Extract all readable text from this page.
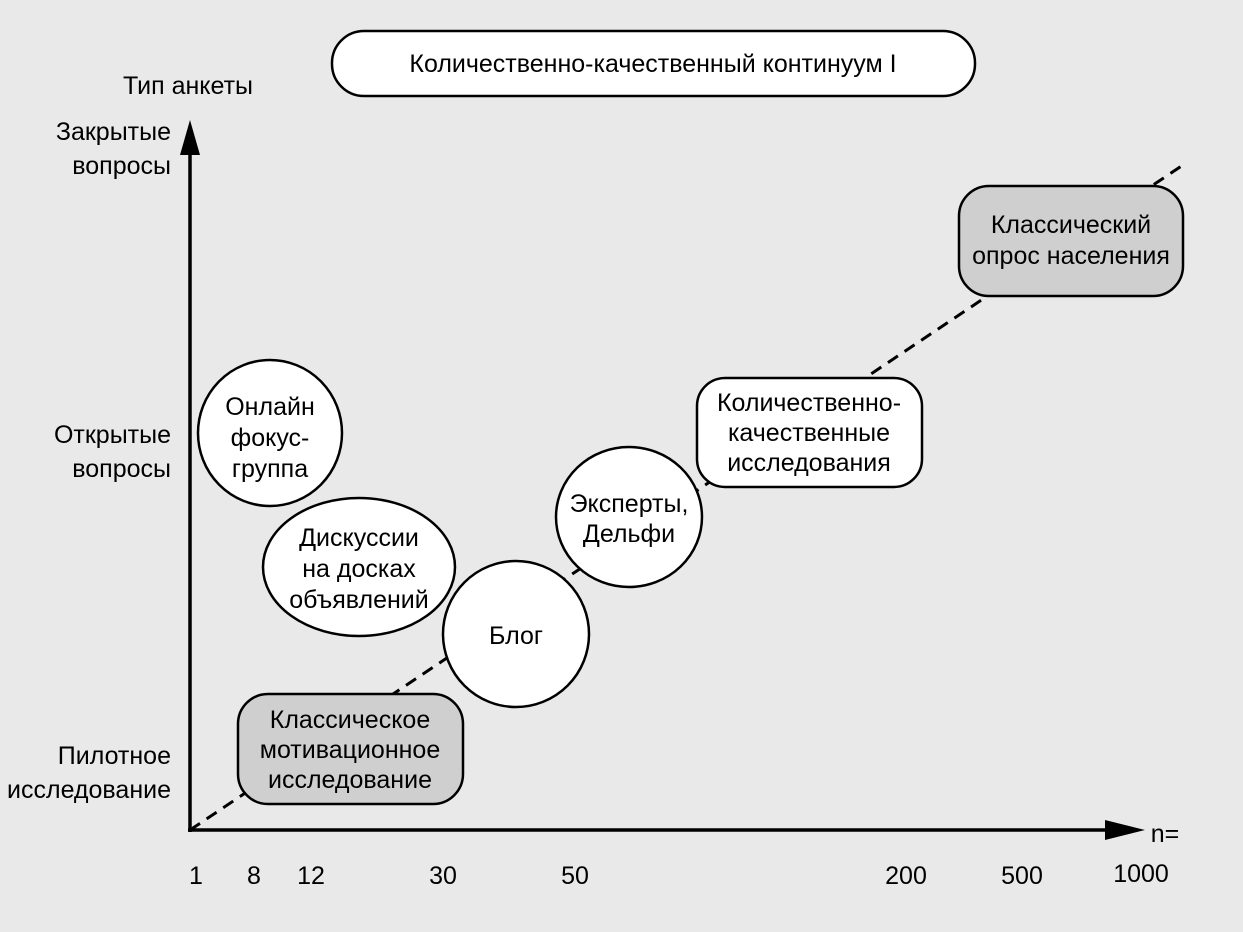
Количественно-качественный континуум I
Тип анкеты
n=
Закрытые
вопросы
Открытые
вопросы
Пилотное
исследование
1 8 12	30	50	200	500	1000
Онлайн
фокус-
группа
Дискуссии
на досках
объявлений
Блог
Эксперты,
Дельфи
Количественно-
качественные
исследования
Классический
опрос населения
Классическое
мотивационное
исследование
